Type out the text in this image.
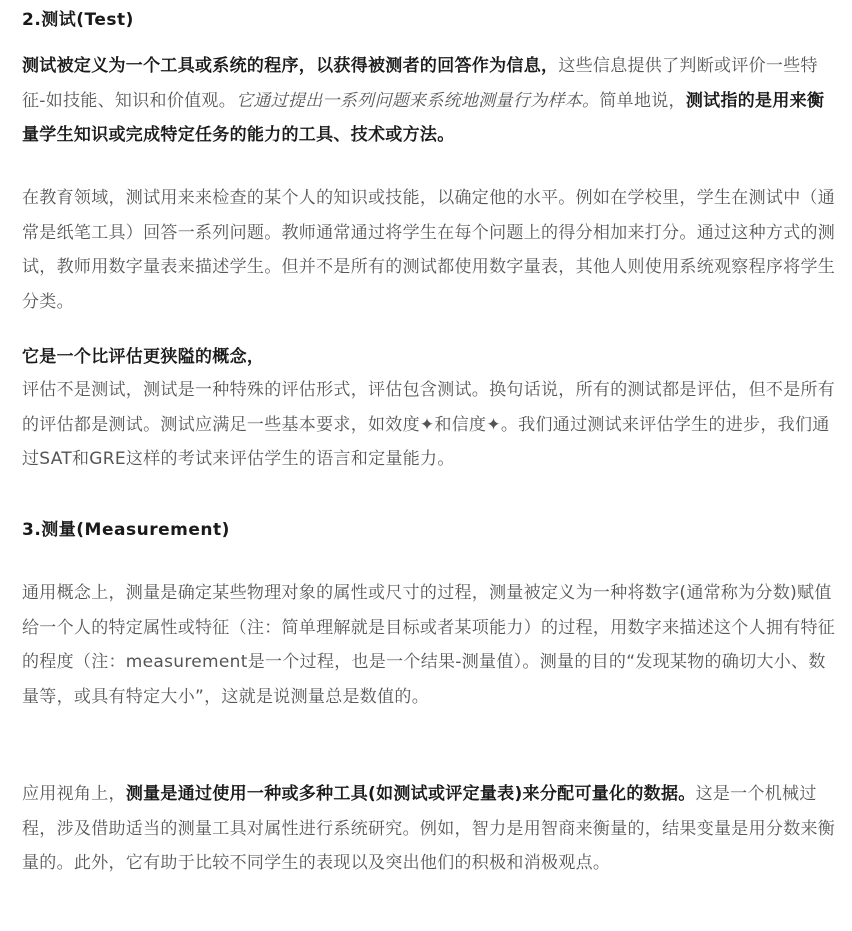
2.测试(Test)

测试被定义为一个工具或系统的程序，以获得被测者的回答作为信息，这些信息提供了判断或评价一些特征-如技能、知识和价值观。它通过提出一系列问题来系统地测量行为样本。简单地说，测试指的是用来衡量学生知识或完成特定任务的能力的工具、技术或方法。

在教育领域，测试用来来检查的某个人的知识或技能，以确定他的水平。例如在学校里，学生在测试中（通常是纸笔工具）回答一系列问题。教师通常通过将学生在每个问题上的得分相加来打分。通过这种方式的测试，教师用数字量表来描述学生。但并不是所有的测试都使用数字量表，其他人则使用系统观察程序将学生分类。

它是一个比评估更狭隘的概念，

评估不是测试，测试是一种特殊的评估形式，评估包含测试。换句话说，所有的测试都是评估，但不是所有的评估都是测试。测试应满足一些基本要求，如效度✦和信度✦。我们通过测试来评估学生的进步，我们通过SAT和GRE这样的考试来评估学生的语言和定量能力。

3.测量(Measurement)

通用概念上，测量是确定某些物理对象的属性或尺寸的过程，测量被定义为一种将数字(通常称为分数)赋值给一个人的特定属性或特征（注：简单理解就是目标或者某项能力）的过程，用数字来描述这个人拥有特征的程度（注：measurement是一个过程，也是一个结果-测量值）。测量的目的“发现某物的确切大小、数量等，或具有特定大小”，这就是说测量总是数值的。

应用视角上，测量是通过使用一种或多种工具(如测试或评定量表)来分配可量化的数据。这是一个机械过程，涉及借助适当的测量工具对属性进行系统研究。例如，智力是用智商来衡量的，结果变量是用分数来衡量的。此外，它有助于比较不同学生的表现以及突出他们的积极和消极观点。
